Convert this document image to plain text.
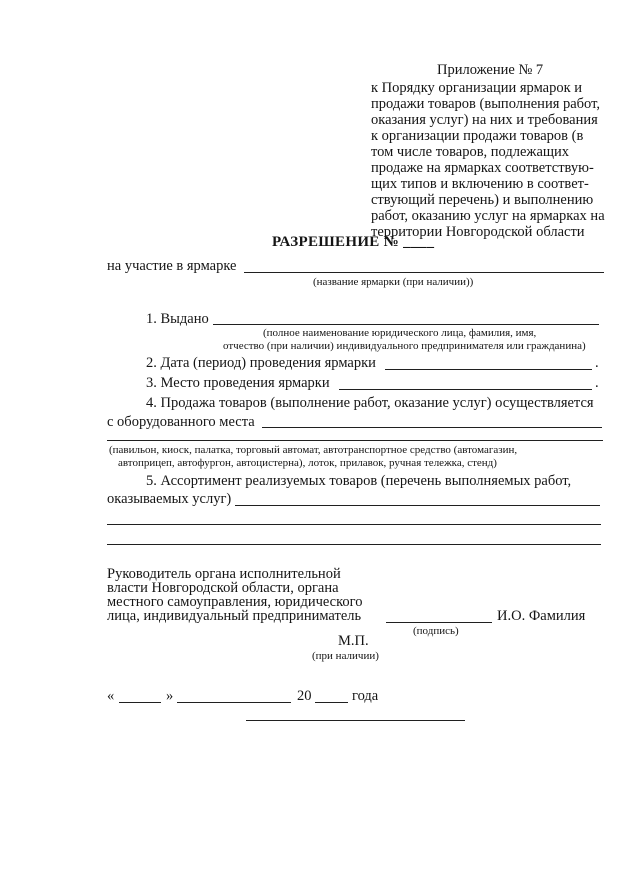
Приложение № 7
к Порядку организации ярмарок и
продажи товаров (выполнения работ,
оказания услуг) на них и требования
к организации продажи товаров (в
том числе товаров, подлежащих
продаже на ярмарках соответствую-
щих типов и включению в соответ-
ствующий перечень) и выполнению
работ, оказанию услуг на ярмарках на
территории Новгородской области
РАЗРЕШЕНИЕ № ____
на участие в ярмарке
(название ярмарки (при наличии))
1. Выдано
(полное наименование юридического лица, фамилия, имя,
отчество (при наличии) индивидуального предпринимателя или гражданина)
2. Дата (период) проведения ярмарки	.
3. Место проведения ярмарки	.
4. Продажа товаров (выполнение работ, оказание услуг) осуществляется
с оборудованного места
(павильон, киоск, палатка, торговый автомат, автотранспортное средство (автомагазин,
автоприцеп, автофургон, автоцистерна), лоток, прилавок, ручная тележка, стенд)
5. Ассортимент реализуемых товаров (перечень выполняемых работ,
оказываемых услуг)
Руководитель органа исполнительной
власти Новгородской области, органа
местного самоуправления, юридического
лица, индивидуальный предприниматель	И.О. Фамилия
(подпись)
М.П.
(при наличии)
«	»	20	года
